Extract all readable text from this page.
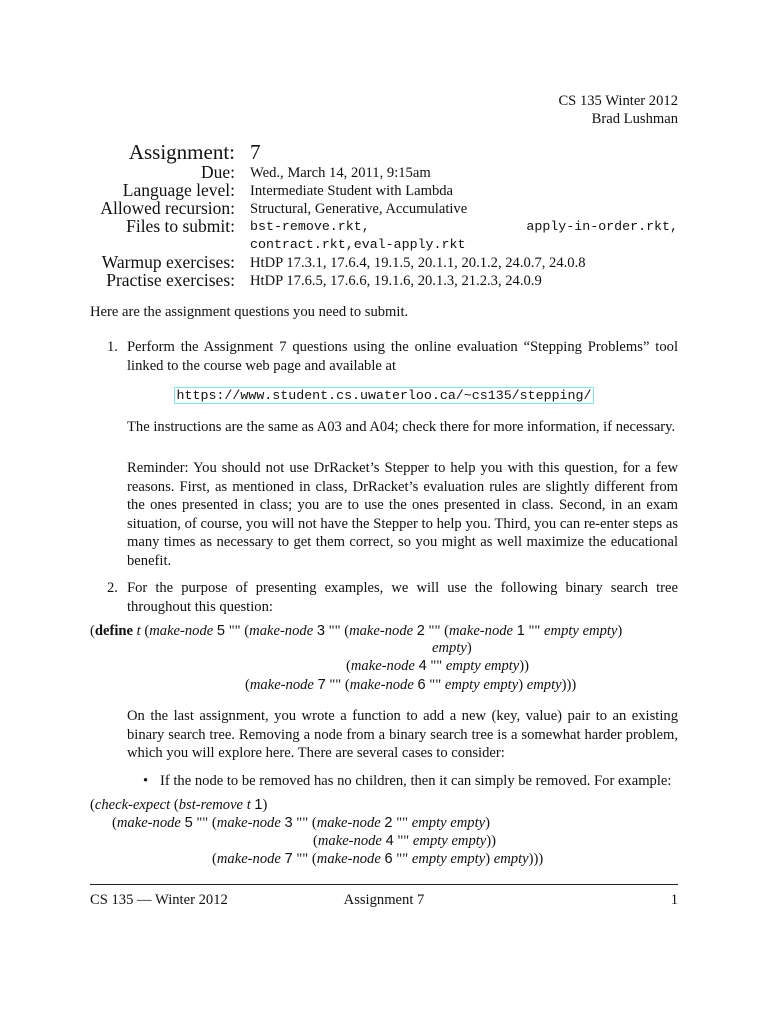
CS 135 Winter 2012
Brad Lushman
Assignment: 7
Due: Wed., March 14, 2011, 9:15am
Language level: Intermediate Student with Lambda
Allowed recursion: Structural, Generative, Accumulative
Files to submit: bst-remove.rkt,	apply-in-order.rkt,
contract.rkt,eval-apply.rkt
Warmup exercises: HtDP 17.3.1, 17.6.4, 19.1.5, 20.1.1, 20.1.2, 24.0.7, 24.0.8
Practise exercises: HtDP 17.6.5, 17.6.6, 19.1.6, 20.1.3, 21.2.3, 24.0.9
Here are the assignment questions you need to submit.
1. Perform the Assignment 7 questions using the online evaluation “Stepping Problems” tool linked to the course web page and available at
https://www.student.cs.uwaterloo.ca/~cs135/stepping/
The instructions are the same as A03 and A04; check there for more information, if necessary.
Reminder: You should not use DrRacket’s Stepper to help you with this question, for a few reasons. First, as mentioned in class, DrRacket’s evaluation rules are slightly different from the ones presented in class; you are to use the ones presented in class. Second, in an exam situation, of course, you will not have the Stepper to help you. Third, you can re-enter steps as many times as necessary to get them correct, so you might as well maximize the educational benefit.
2. For the purpose of presenting examples, we will use the following binary search tree throughout this question:
(define t (make-node 5 "" (make-node 3 "" (make-node 2 "" (make-node 1 "" empty empty)
empty)
(make-node 4 "" empty empty))
(make-node 7 "" (make-node 6 "" empty empty) empty)))
On the last assignment, you wrote a function to add a new (key, value) pair to an existing binary search tree. Removing a node from a binary search tree is a somewhat harder problem, which you will explore here. There are several cases to consider:
• If the node to be removed has no children, then it can simply be removed. For example:
(check-expect (bst-remove t 1)
(make-node 5 "" (make-node 3 "" (make-node 2 "" empty empty)
(make-node 4 "" empty empty))
(make-node 7 "" (make-node 6 "" empty empty) empty)))
CS 135 — Winter 2012	Assignment 7	1
